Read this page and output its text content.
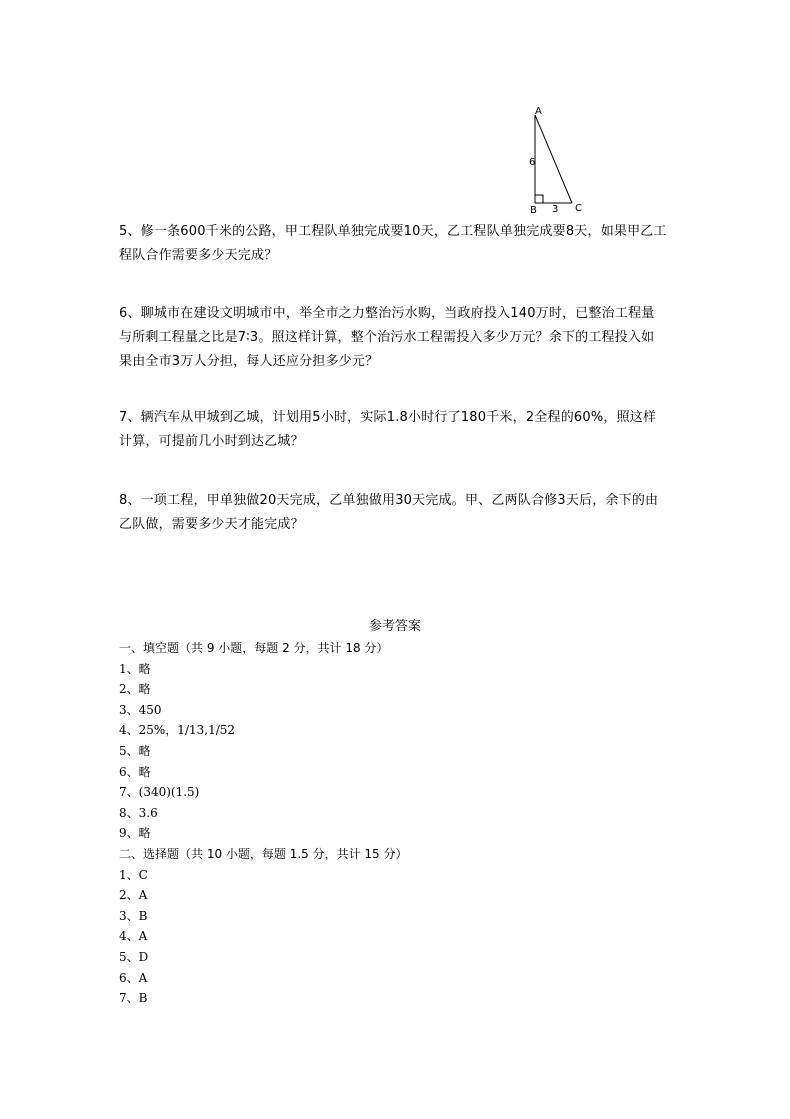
A
6
B 3 C
5、修一条600千米的公路，甲工程队单独完成要10天，乙工程队单独完成要8天，如果甲乙工程队合作需要多少天完成？
6、聊城市在建设文明城市中，举全市之力整治污水购，当政府投入140万时，已整治工程量与所剩工程量之比是7∶3。照这样计算，整个治污水工程需投入多少万元？余下的工程投入如果由全市3万人分担，每人还应分担多少元？
7、辆汽车从甲城到乙城，计划用5小时，实际1.8小时行了180千米，2全程的60%，照这样计算，可提前几小时到达乙城？
8、一项工程，甲单独做20天完成，乙单独做用30天完成。甲、乙两队合修3天后，余下的由乙队做，需要多少天才能完成？
参考答案
一、填空题（共 9 小题，每题 2 分，共计 18 分）
1、略
2、略
3、450
4、25%，1/13,1/52
5、略
6、略
7、(340)(1.5)
8、3.6
9、略
二、选择题（共 10 小题，每题 1.5 分，共计 15 分）
1、C
2、A
3、B
4、A
5、D
6、A
7、B
